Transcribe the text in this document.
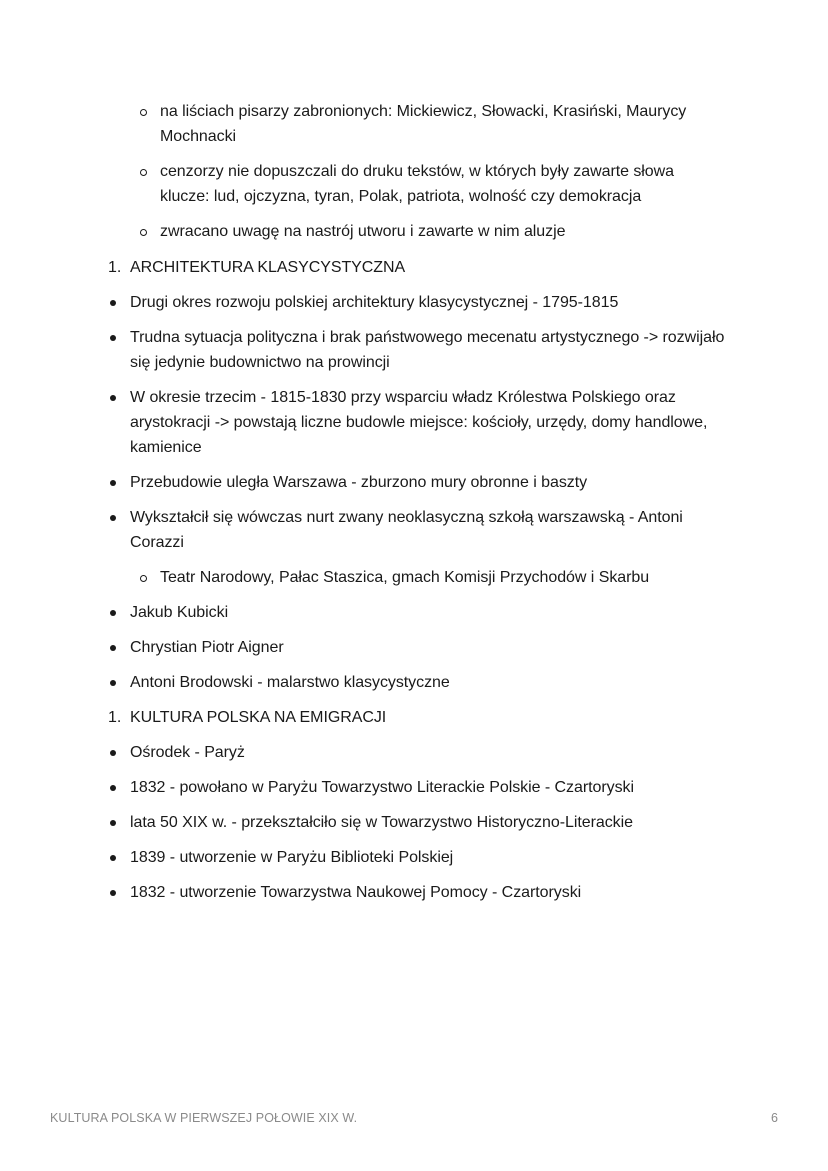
na liściach pisarzy zabronionych: Mickiewicz, Słowacki, Krasiński, Maurycy Mochnacki
cenzorzy nie dopuszczali do druku tekstów, w których były zawarte słowa klucze: lud, ojczyzna, tyran, Polak, patriota, wolność czy demokracja
zwracano uwagę na nastrój utworu i zawarte w nim aluzje
1. ARCHITEKTURA KLASYCYSTYCZNA
Drugi okres rozwoju polskiej architektury klasycystycznej - 1795-1815
Trudna sytuacja polityczna i brak państwowego mecenatu artystycznego -> rozwijało się jedynie budownictwo na prowincji
W okresie trzecim - 1815-1830 przy wsparciu władz Królestwa Polskiego oraz arystokracji -> powstają liczne budowle miejsce: kościoły, urzędy, domy handlowe, kamienice
Przebudowie uległa Warszawa - zburzono mury obronne i baszty
Wykształcił się wówczas nurt zwany neoklasyczną szkołą warszawską - Antoni Corazzi
Teatr Narodowy, Pałac Staszica, gmach Komisji Przychodów i Skarbu
Jakub Kubicki
Chrystian Piotr Aigner
Antoni Brodowski - malarstwo klasycystyczne
1. KULTURA POLSKA NA EMIGRACJI
Ośrodek - Paryż
1832 - powołano w Paryżu Towarzystwo Literackie Polskie - Czartoryski
lata 50 XIX w. - przekształciło się w Towarzystwo Historyczno-Literackie
1839 - utworzenie w Paryżu Biblioteki Polskiej
1832 - utworzenie Towarzystwa Naukowej Pomocy - Czartoryski
KULTURA POLSKA W PIERWSZEJ POŁOWIE XIX W.	6
